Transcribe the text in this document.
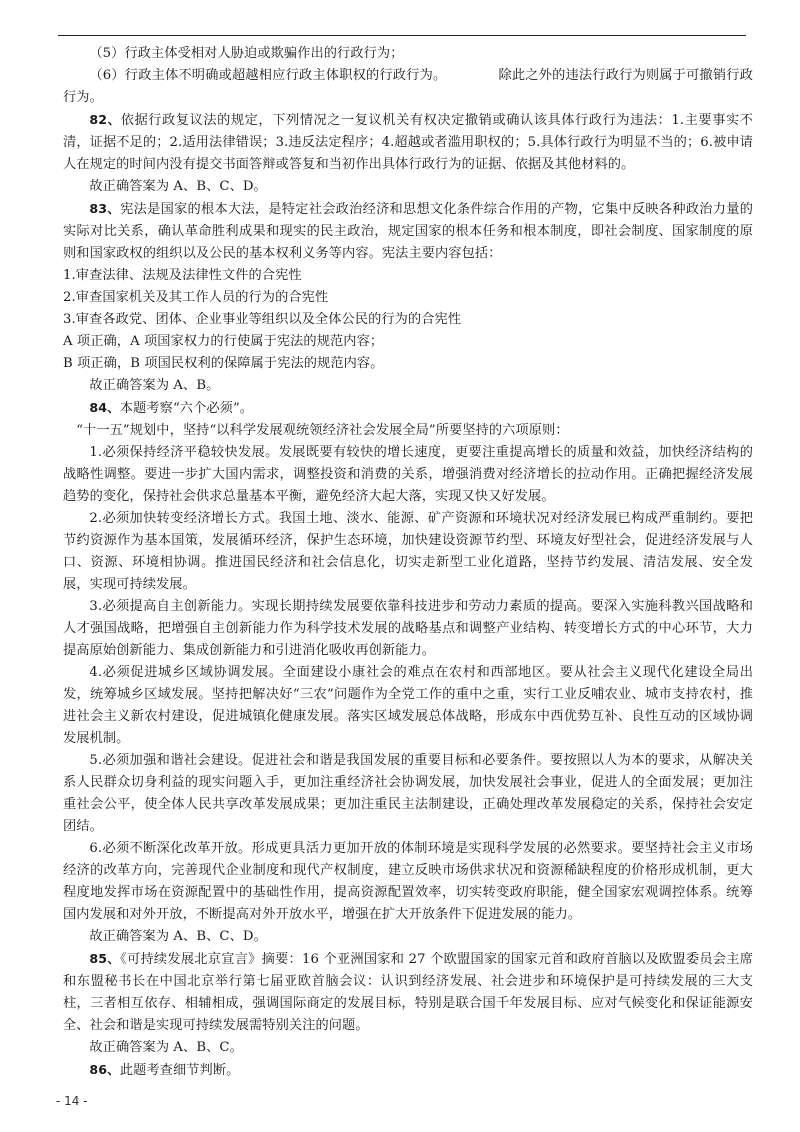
（5）行政主体受相对人胁迫或欺骗作出的行政行为；

（6）行政主体不明确或超越相应行政主体职权的行政行为。	除此之外的违法行政行为则属于可撤销行政行为。

82、依据行政复议法的规定，下列情况之一复议机关有权决定撤销或确认该具体行政行为违法：1.主要事实不清，证据不足的；2.适用法律错误；3.违反法定程序；4.超越或者滥用职权的；5.具体行政行为明显不当的；6.被申请人在规定的时间内没有提交书面答辩或答复和当初作出具体行政行为的证据、依据及其他材料的。

故正确答案为 A、B、C、D。

83、宪法是国家的根本大法，是特定社会政治经济和思想文化条件综合作用的产物，它集中反映各种政治力量的实际对比关系，确认革命胜利成果和现实的民主政治，规定国家的根本任务和根本制度，即社会制度、国家制度的原则和国家政权的组织以及公民的基本权利义务等内容。宪法主要内容包括：

1.审查法律、法规及法律性文件的合宪性

2.审查国家机关及其工作人员的行为的合宪性

3.审查各政党、团体、企业事业等组织以及全体公民的行为的合宪性

A 项正确，A 项国家权力的行使属于宪法的规范内容；

B 项正确，B 项国民权利的保障属于宪法的规范内容。

故正确答案为 A、B。

84、本题考察“六个必须”。

“十一五”规划中，坚持“以科学发展观统领经济社会发展全局”所要坚持的六项原则：

1.必须保持经济平稳较快发展。发展既要有较快的增长速度，更要注重提高增长的质量和效益，加快经济结构的战略性调整。要进一步扩大国内需求，调整投资和消费的关系，增强消费对经济增长的拉动作用。正确把握经济发展趋势的变化，保持社会供求总量基本平衡，避免经济大起大落，实现又快又好发展。

2.必须加快转变经济增长方式。我国土地、淡水、能源、矿产资源和环境状况对经济发展已构成严重制约。要把节约资源作为基本国策，发展循环经济，保护生态环境，加快建设资源节约型、环境友好型社会，促进经济发展与人口、资源、环境相协调。推进国民经济和社会信息化，切实走新型工业化道路，坚持节约发展、清洁发展、安全发展，实现可持续发展。

3.必须提高自主创新能力。实现长期持续发展要依靠科技进步和劳动力素质的提高。要深入实施科教兴国战略和人才强国战略，把增强自主创新能力作为科学技术发展的战略基点和调整产业结构、转变增长方式的中心环节，大力提高原始创新能力、集成创新能力和引进消化吸收再创新能力。

4.必须促进城乡区域协调发展。全面建设小康社会的难点在农村和西部地区。要从社会主义现代化建设全局出发，统筹城乡区域发展。坚持把解决好“三农”问题作为全党工作的重中之重，实行工业反哺农业、城市支持农村，推进社会主义新农村建设，促进城镇化健康发展。落实区域发展总体战略，形成东中西优势互补、良性互动的区域协调发展机制。

5.必须加强和谐社会建设。促进社会和谐是我国发展的重要目标和必要条件。要按照以人为本的要求，从解决关系人民群众切身利益的现实问题入手，更加注重经济社会协调发展，加快发展社会事业，促进人的全面发展；更加注重社会公平，使全体人民共享改革发展成果；更加注重民主法制建设，正确处理改革发展稳定的关系，保持社会安定团结。

6.必须不断深化改革开放。形成更具活力更加开放的体制环境是实现科学发展的必然要求。要坚持社会主义市场经济的改革方向，完善现代企业制度和现代产权制度，建立反映市场供求状况和资源稀缺程度的价格形成机制，更大程度地发挥市场在资源配置中的基础性作用，提高资源配置效率，切实转变政府职能，健全国家宏观调控体系。统筹国内发展和对外开放，不断提高对外开放水平，增强在扩大开放条件下促进发展的能力。

故正确答案为 A、B、C、D。

85、《可持续发展北京宣言》摘要：16 个亚洲国家和 27 个欧盟国家的国家元首和政府首脑以及欧盟委员会主席和东盟秘书长在中国北京举行第七届亚欧首脑会议：认识到经济发展、社会进步和环境保护是可持续发展的三大支柱，三者相互依存、相辅相成，强调国际商定的发展目标，特别是联合国千年发展目标、应对气候变化和保证能源安全、社会和谐是实现可持续发展需特别关注的问题。

故正确答案为 A、B、C。

86、此题考查细节判断。

- 14 -
